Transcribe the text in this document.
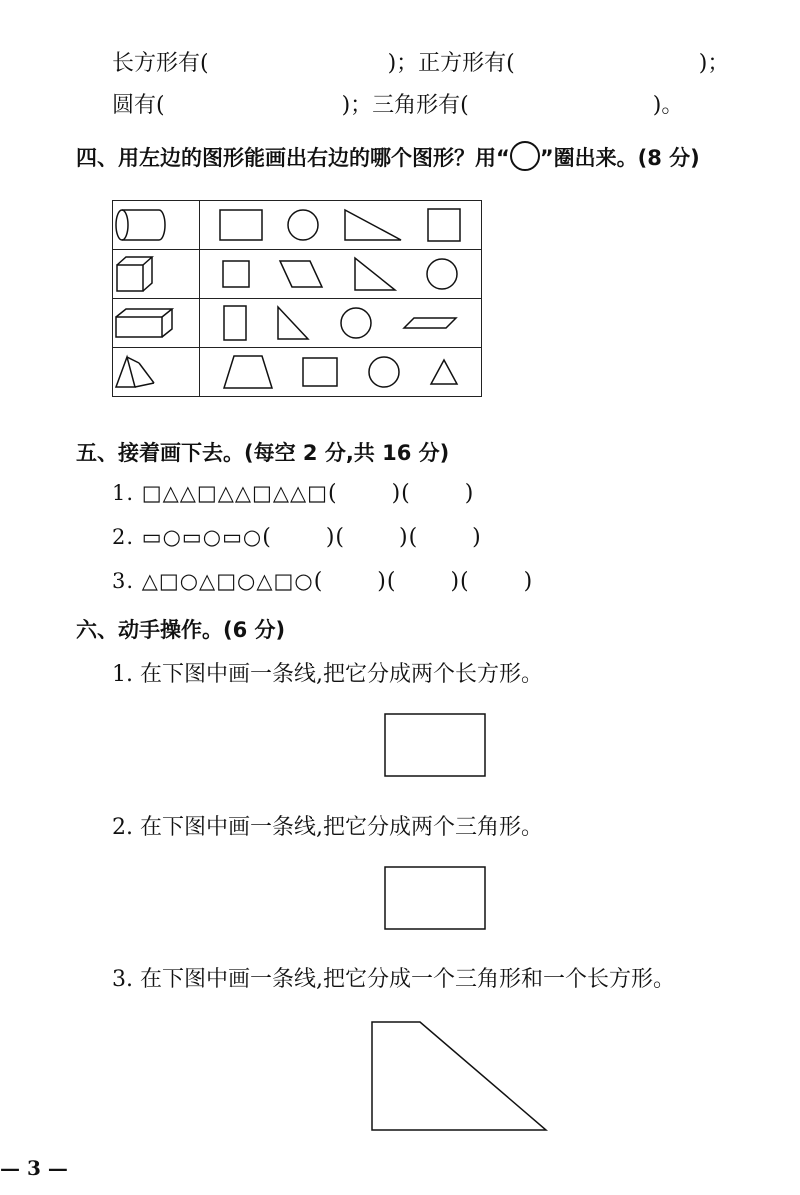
长方形有(	)；正方形有(	)；
圆有(	)；三角形有(	)。
四、用左边的图形能画出右边的哪个图形？用“○”圈出来。(8 分)

五、接着画下去。(每空 2 分,共 16 分)
1. □△△□△△□△△□( )( )
2. ▭○▭○▭○( )( )( )
3. △□○△□○△□○( )( )( )
六、动手操作。(6 分)
1. 在下图中画一条线,把它分成两个长方形。
2. 在下图中画一条线,把它分成两个三角形。
3. 在下图中画一条线,把它分成一个三角形和一个长方形。
— 3 —
